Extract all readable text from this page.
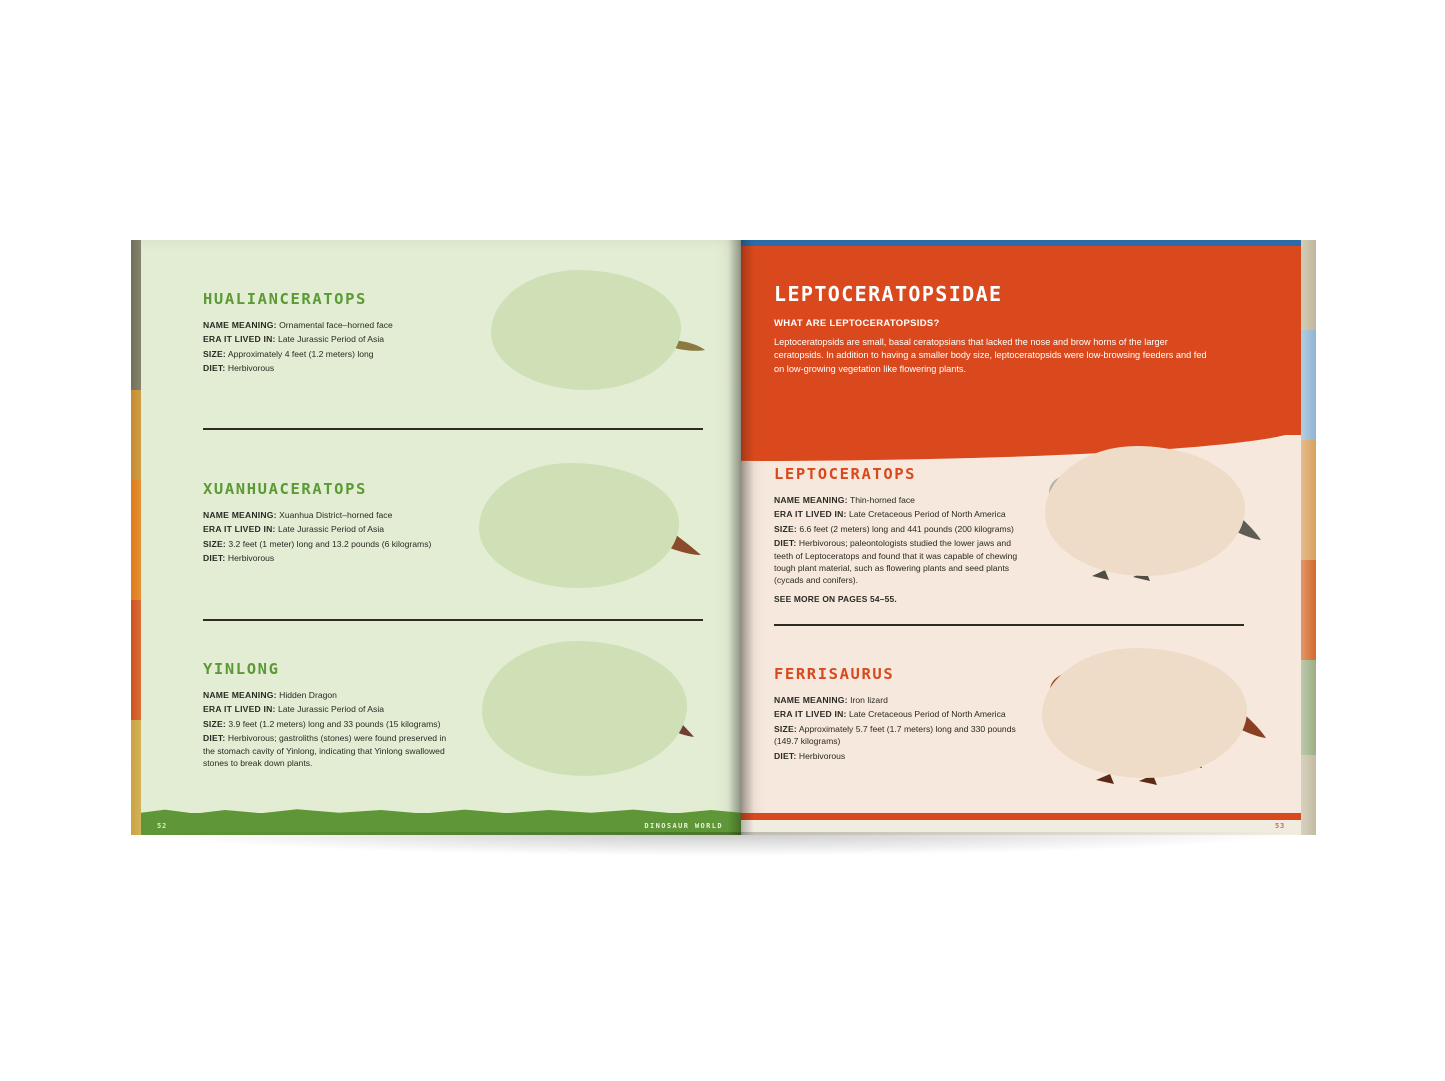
HUALIANCERATOPS

NAME MEANING: Ornamental face–horned face

ERA IT LIVED IN: Late Jurassic Period of Asia

SIZE: Approximately 4 feet (1.2 meters) long

DIET: Herbivorous

XUANHUACERATOPS

NAME MEANING: Xuanhua District–horned face

ERA IT LIVED IN: Late Jurassic Period of Asia

SIZE: 3.2 feet (1 meter) long and 13.2 pounds (6 kilograms)

DIET: Herbivorous

YINLONG

NAME MEANING: Hidden Dragon

ERA IT LIVED IN: Late Jurassic Period of Asia

SIZE: 3.9 feet (1.2 meters) long and 33 pounds (15 kilograms)

DIET: Herbivorous; gastroliths (stones) were found preserved in the stomach cavity of Yinlong, indicating that Yinlong swallowed stones to break down plants.

52	DINOSAUR WORLD
LEPTOCERATOPSIDAE
WHAT ARE LEPTOCERATOPSIDS?

Leptoceratopsids are small, basal ceratopsians that lacked the nose and brow horns of the larger ceratopsids. In addition to having a smaller body size, leptoceratopsids were low-browsing feeders and fed on low-growing vegetation like flowering plants.

LEPTOCERATOPS

NAME MEANING: Thin-horned face

ERA IT LIVED IN: Late Cretaceous Period of North America

SIZE: 6.6 feet (2 meters) long and 441 pounds (200 kilograms)

DIET: Herbivorous; paleontologists studied the lower jaws and teeth of Leptoceratops and found that it was capable of chewing tough plant material, such as flowering plants and seed plants (cycads and conifers).

SEE MORE ON PAGES 54–55.

FERRISAURUS

NAME MEANING: Iron lizard

ERA IT LIVED IN: Late Cretaceous Period of North America

SIZE: Approximately 5.7 feet (1.7 meters) long and 330 pounds (149.7 kilograms)

DIET: Herbivorous

53
